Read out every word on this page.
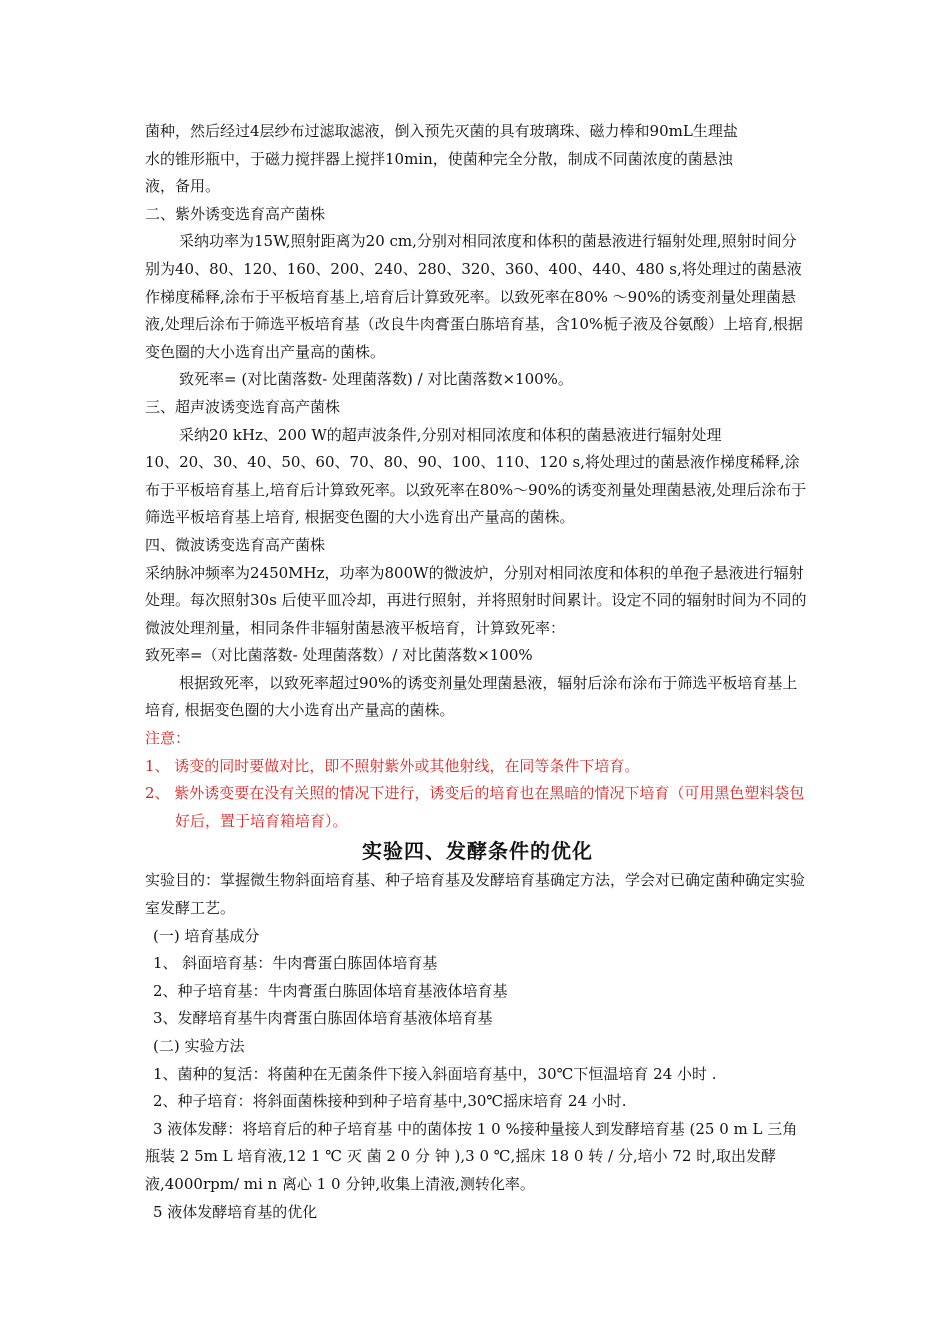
菌种，然后经过4层纱布过滤取滤液，倒入预先灭菌的具有玻璃珠、磁力棒和90mL生理盐

水的锥形瓶中，于磁力搅拌器上搅拌10min，使菌种完全分散，制成不同菌浓度的菌悬浊

液，备用。

二、紫外诱变选育高产菌株

采纳功率为15W,照射距离为20 cm,分别对相同浓度和体积的菌悬液进行辐射处理,照射时间分别为40、80、120、160、200、240、280、320、360、400、440、480 s,将处理过的菌悬液作梯度稀释,涂布于平板培育基上,培育后计算致死率。以致死率在80% ～90%的诱变剂量处理菌悬液,处理后涂布于筛选平板培育基（改良牛肉膏蛋白胨培育基，含10%栀子液及谷氨酸）上培育,根据变色圈的大小选育出产量高的菌株。

致死率= (对比菌落数- 处理菌落数) / 对比菌落数×100%。

三、超声波诱变选育高产菌株

采纳20 kHz、200 W的超声波条件,分别对相同浓度和体积的菌悬液进行辐射处理

10、20、30、40、50、60、70、80、90、100、110、120 s,将处理过的菌悬液作梯度稀释,涂布于平板培育基上,培育后计算致死率。以致死率在80%～90%的诱变剂量处理菌悬液,处理后涂布于筛选平板培育基上培育, 根据变色圈的大小选育出产量高的菌株。

四、微波诱变选育高产菌株

采纳脉冲频率为2450MHz，功率为800W的微波炉，分别对相同浓度和体积的单孢子悬液进行辐射处理。每次照射30s 后使平皿冷却，再进行照射，并将照射时间累计。设定不同的辐射时间为不同的微波处理剂量，相同条件非辐射菌悬液平板培育，计算致死率：

致死率=（对比菌落数- 处理菌落数）/ 对比菌落数×100%

根据致死率，以致死率超过90%的诱变剂量处理菌悬液，辐射后涂布涂布于筛选平板培育基上培育, 根据变色圈的大小选育出产量高的菌株。

注意：

1、 诱变的同时要做对比，即不照射紫外或其他射线，在同等条件下培育。

2、 紫外诱变要在没有关照的情况下进行，诱变后的培育也在黑暗的情况下培育（可用黑色塑料袋包好后，置于培育箱培育）。

实验四、发酵条件的优化

实验目的：掌握微生物斜面培育基、种子培育基及发酵培育基确定方法，学会对已确定菌种确定实验室发酵工艺。

(一) 培育基成分

1、 斜面培育基：牛肉膏蛋白胨固体培育基

2、种子培育基：牛肉膏蛋白胨固体培育基液体培育基

3、发酵培育基牛肉膏蛋白胨固体培育基液体培育基

(二) 实验方法

1、菌种的复活：将菌种在无菌条件下接入斜面培育基中，30℃下恒温培育 24 小时 .

2、种子培育：将斜面菌株接种到种子培育基中,30℃摇床培育 24 小时.

3 液体发酵：将培育后的种子培育基 中的菌体按 1 0 %接种量接人到发酵培育基 (25 0 m L 三角瓶装 2 5m L 培育液,12 1 ℃ 灭 菌 2 0 分 钟 ),3 0 ℃,摇床 18 0 转 / 分,培小 72 时,取出发酵液,4000rpm/ mi n 离心 1 0 分钟,收集上清液,测转化率。

5 液体发酵培育基的优化
